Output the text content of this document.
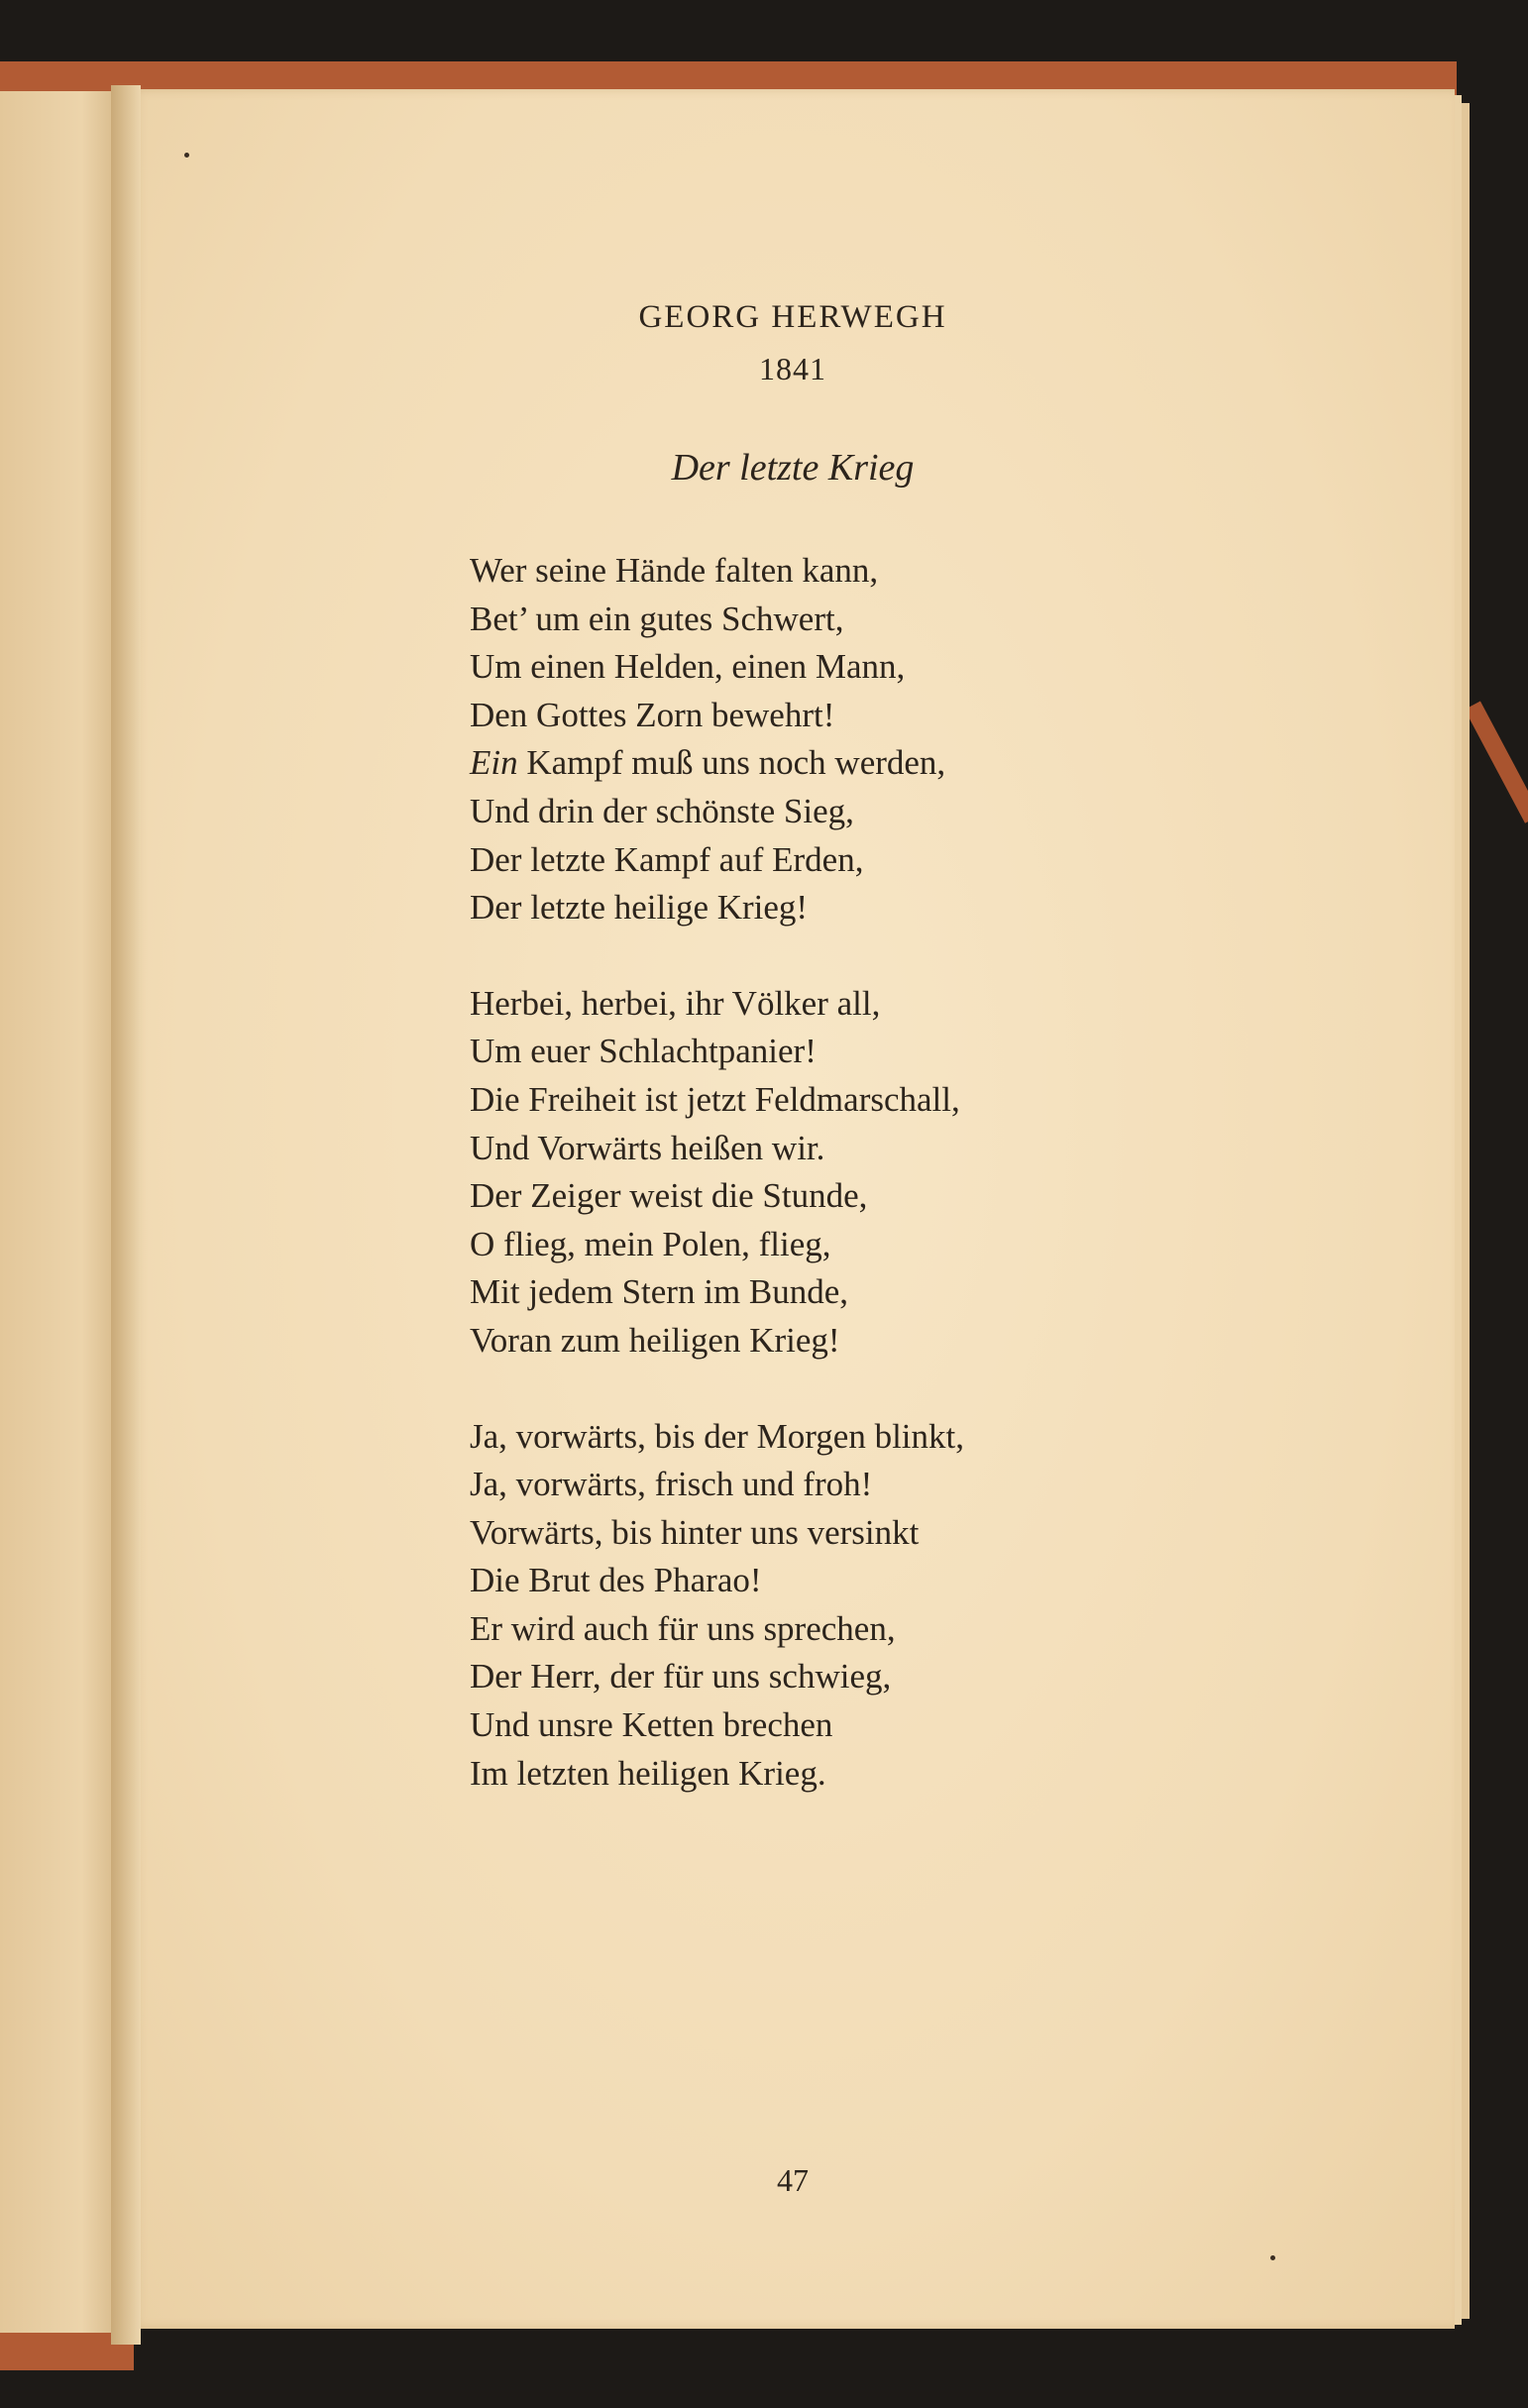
GEORG HERWEGH
1841
Der letzte Krieg
Wer seine Hände falten kann,
Bet’ um ein gutes Schwert,
Um einen Helden, einen Mann,
Den Gottes Zorn bewehrt!
Ein Kampf muß uns noch werden,
Und drin der schönste Sieg,
Der letzte Kampf auf Erden,
Der letzte heilige Krieg!
Herbei, herbei, ihr Völker all,
Um euer Schlachtpanier!
Die Freiheit ist jetzt Feldmarschall,
Und Vorwärts heißen wir.
Der Zeiger weist die Stunde,
O flieg, mein Polen, flieg,
Mit jedem Stern im Bunde,
Voran zum heiligen Krieg!
Ja, vorwärts, bis der Morgen blinkt,
Ja, vorwärts, frisch und froh!
Vorwärts, bis hinter uns versinkt
Die Brut des Pharao!
Er wird auch für uns sprechen,
Der Herr, der für uns schwieg,
Und unsre Ketten brechen
Im letzten heiligen Krieg.
47
